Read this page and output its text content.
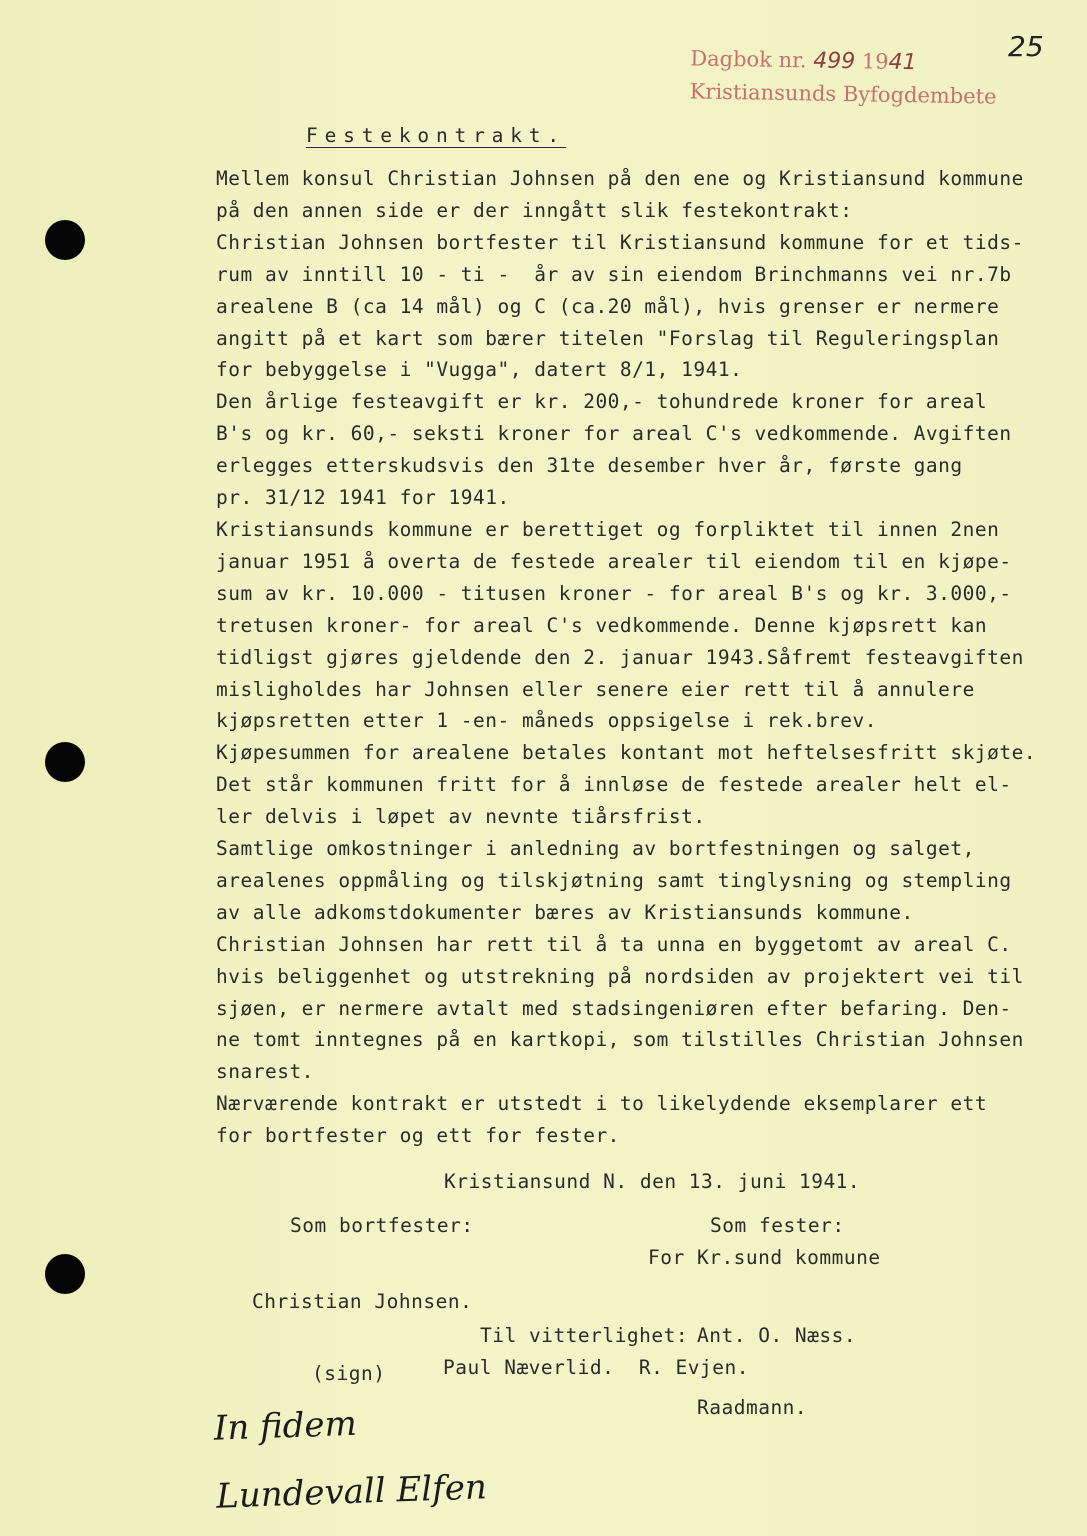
Dagbok nr. 499 1941
Kristiansunds Byfogdembete
25
Festekontrakt.
Mellem konsul Christian Johnsen på den ene og Kristiansund kommune
på den annen side er der inngått slik festekontrakt:
Christian Johnsen bortfester til Kristiansund kommune for et tids-
rum av inntill 10 - ti -  år av sin eiendom Brinchmanns vei nr.7b
arealene B (ca 14 mål) og C (ca.20 mål), hvis grenser er nermere
angitt på et kart som bærer titelen "Forslag til Reguleringsplan
for bebyggelse i "Vugga", datert 8/1, 1941.
Den årlige festeavgift er kr. 200,- tohundrede kroner for areal
B's og kr. 60,- seksti kroner for areal C's vedkommende. Avgiften
erlegges etterskudsvis den 31te desember hver år, første gang
pr. 31/12 1941 for 1941.
Kristiansunds kommune er berettiget og forpliktet til innen 2nen
januar 1951 å overta de festede arealer til eiendom til en kjøpe-
sum av kr. 10.000 - titusen kroner - for areal B's og kr. 3.000,-
tretusen kroner- for areal C's vedkommende. Denne kjøpsrett kan
tidligst gjøres gjeldende den 2. januar 1943.Såfremt festeavgiften
misligholdes har Johnsen eller senere eier rett til å annulere
kjøpsretten etter 1 -en- måneds oppsigelse i rek.brev.
Kjøpesummen for arealene betales kontant mot heftelsesfritt skjøte.
Det står kommunen fritt for å innløse de festede arealer helt el-
ler delvis i løpet av nevnte tiårsfrist.
Samtlige omkostninger i anledning av bortfestningen og salget,
arealenes oppmåling og tilskjøtning samt tinglysning og stempling
av alle adkomstdokumenter bæres av Kristiansunds kommune.
Christian Johnsen har rett til å ta unna en byggetomt av areal C.
hvis beliggenhet og utstrekning på nordsiden av projektert vei til
sjøen, er nermere avtalt med stadsingeniøren efter befaring. Den-
ne tomt inntegnes på en kartkopi, som tilstilles Christian Johnsen
snarest.
Nærværende kontrakt er utstedt i to likelydende eksemplarer ett
for bortfester og ett for fester.
Kristiansund N. den 13. juni 1941.
Som bortfester:

Christian Johnsen.

(sign)

Som fester:
For Kr.sund kommune

Ant. O. Næss.

Raadmann.

Til vitterlighet:
Paul Næverlid.  R. Evjen.
In fidem
Lundevall Elfen
